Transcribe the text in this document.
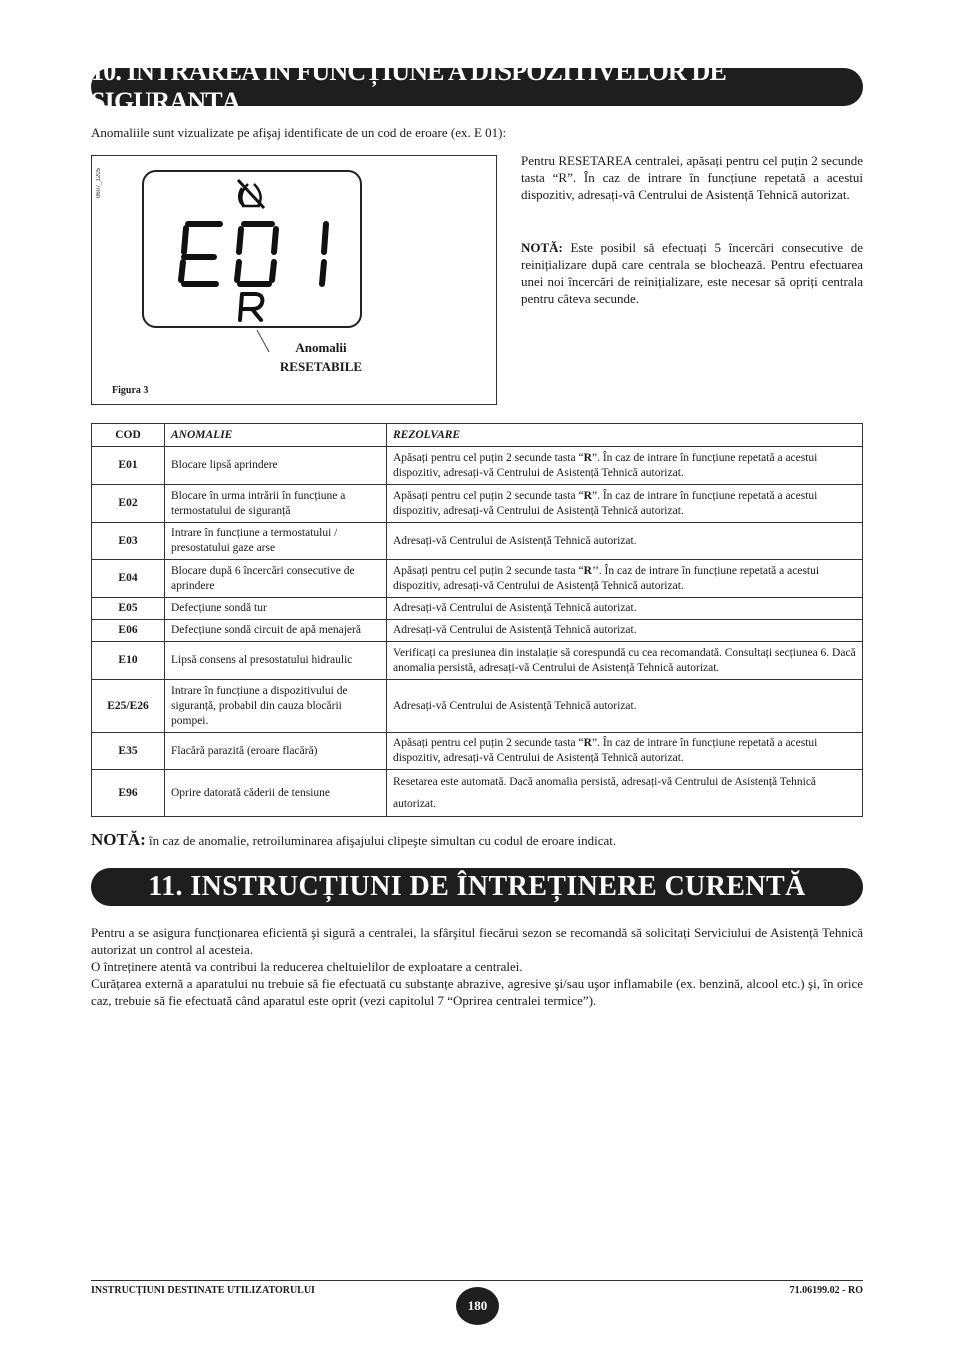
10. INTRAREA ÎN FUNCȚIUNE A DISPOZITIVELOR DE SIGURANȚA

Anomaliile sunt vizualizate pe afişaj identificate de un cod de eroare (ex. E 01):

0607_1205
Anomalii
RESETABILE
Figura 3

Pentru RESETAREA centralei, apăsați pentru cel puțin 2 secunde tasta “R”. În caz de intrare în funcțiune repetată a acestui dispozitiv, adresați-vă Centrului de Asistență Tehnică autorizat.

NOTĂ: Este posibil să efectuați 5 încercări consecutive de reinițializare după care centrala se blochează. Pentru efectuarea unei noi încercări de reinițializare, este necesar să opriți centrala pentru câteva secunde.

COD	ANOMALIE	REZOLVARE
E01	Blocare lipsă aprindere	Apăsați pentru cel puțin 2 secunde tasta “R”. În caz de intrare în funcțiune repetată a acestui dispozitiv, adresați-vă Centrului de Asistență Tehnică autorizat.
E02	Blocare în urma intrării în funcțiune a termostatului de siguranță	Apăsați pentru cel puțin 2 secunde tasta “R”. În caz de intrare în funcțiune repetată a acestui dispozitiv, adresați-vă Centrului de Asistență Tehnică autorizat.
E03	Intrare în funcțiune a termostatului / presostatului gaze arse	Adresați-vă Centrului de Asistență Tehnică autorizat.
E04	Blocare după 6 încercări consecutive de aprindere	Apăsați pentru cel puțin 2 secunde tasta “R’’. În caz de intrare în funcțiune repetată a acestui dispozitiv, adresați-vă Centrului de Asistență Tehnică autorizat.
E05	Defecțiune sondă tur	Adresați-vă Centrului de Asistență Tehnică autorizat.
E06	Defecțiune sondă circuit de apă menajeră	Adresați-vă Centrului de Asistență Tehnică autorizat.
E10	Lipsă consens al presostatului hidraulic	Verificați ca presiunea din instalație să corespundă cu cea recomandată. Consultați secțiunea 6. Dacă anomalia persistă, adresați-vă Centrului de Asistență Tehnică autorizat.
E25/E26	Intrare în funcțiune a dispozitivului de siguranță, probabil din cauza blocării pompei.	Adresați-vă Centrului de Asistență Tehnică autorizat.
E35	Flacără parazită (eroare flacără)	Apăsați pentru cel puțin 2 secunde tasta “R”. În caz de intrare în funcțiune repetată a acestui dispozitiv, adresați-vă Centrului de Asistență Tehnică autorizat.
E96	Oprire datorată căderii de tensiune	Resetarea este automată. Dacă anomalia persistă, adresați-vă Centrului de Asistență Tehnică autorizat.
NOTĂ: în caz de anomalie, retroiluminarea afişajului clipeşte simultan cu codul de eroare indicat.
11. INSTRUCȚIUNI DE ÎNTREȚINERE CURENTĂ

Pentru a se asigura funcționarea eficientă şi sigură a centralei, la sfârşitul fiecărui sezon se recomandă să solicitați Serviciului de Asistență Tehnică autorizat un control al acesteia.

O întreținere atentă va contribui la reducerea cheltuielilor de exploatare a centralei.

Curățarea externă a aparatului nu trebuie să fie efectuată cu substanțe abrazive, agresive şi/sau uşor inflamabile (ex. benzină, alcool etc.) şi, în orice caz, trebuie să fie efectuată când aparatul este oprit (vezi capitolul 7 “Oprirea centralei termice”).

INSTRUCȚIUNI DESTINATE UTILIZATORULUI
180
71.06199.02 - RO
